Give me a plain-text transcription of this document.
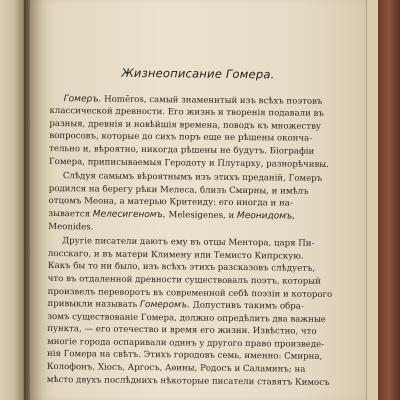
Жизнеописание Гомера.
Гомеръ. Homēros, самый знаменитый изъ всѣхъ поэтовъ
классической древности. Его жизнь и творенія подавали въ
разныя, древнія и новѣйшія времена, поводъ къ множеству
вопросовъ, которые до сихъ поръ еще не рѣшены оконча-
тельно и, вѣроятно, никогда рѣшены не будутъ. Біографіи
Гомера, приписываемыя Геродоту и Плутарху, разнорѣчивы.
Слѣдуя самымъ вѣроятнымъ изъ этихъ преданій, Гомеръ
родился на берегу рѣки Мелеса, близъ Смирны, и имѣлъ
отцомъ Меона, а матерью Критеиду: его иногда и на-
зывается Мелесигеномъ, Melesigenes, и Меонидомъ,
Meonides.
Другіе писатели даютъ ему въ отцы Ментора, царя Пи-
лосскаго, и въ матери Климену или Темисто Кипрскую.
Какъ бы то ни было, изъ всѣхъ этихъ разсказовъ слѣдуетъ,
что въ отдаленной древности существовалъ поэтъ, который
произвелъ переворотъ въ современной себѣ поэзіи и которого
привыкли называть Гомеромъ. Допустивъ такимъ обра-
зомъ существованіе Гомера, должно опредѣлить два важные
пункта, — его отечество и время его жизни. Извѣстно, что
многіе города оспаривали одинъ у другого право произведе-
нія Гомера на свѣтъ. Этихъ городовъ семь, именно: Смирна,
Колофонъ, Хіосъ, Аргосъ, Аѳины, Родосъ и Саламинъ; на
мѣсто двухъ послѣднихъ нѣкоторые писатели ставятъ Кимосъ
